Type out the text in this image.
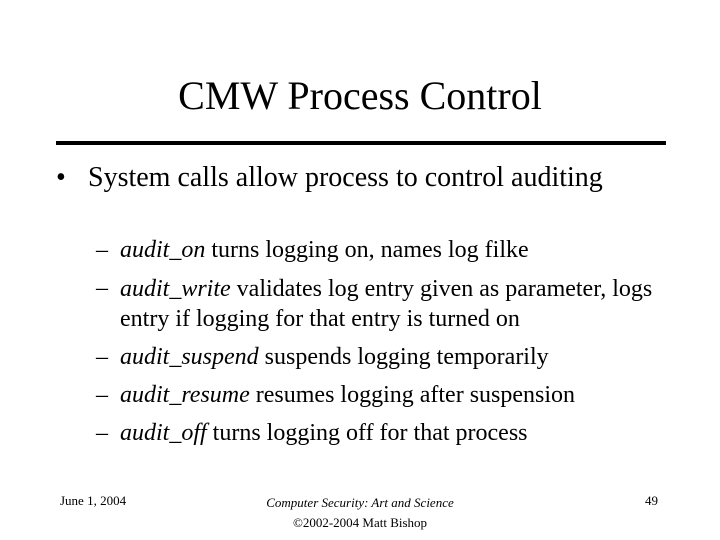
CMW Process Control
• System calls allow process to control auditing
– audit_on turns logging on, names log filke
– audit_write validates log entry given as parameter, logs entry if logging for that entry is turned on
– audit_suspend suspends logging temporarily
– audit_resume resumes logging after suspension
– audit_off turns logging off for that process
June 1, 2004	Computer Security: Art and Science
©2002-2004 Matt Bishop
49
